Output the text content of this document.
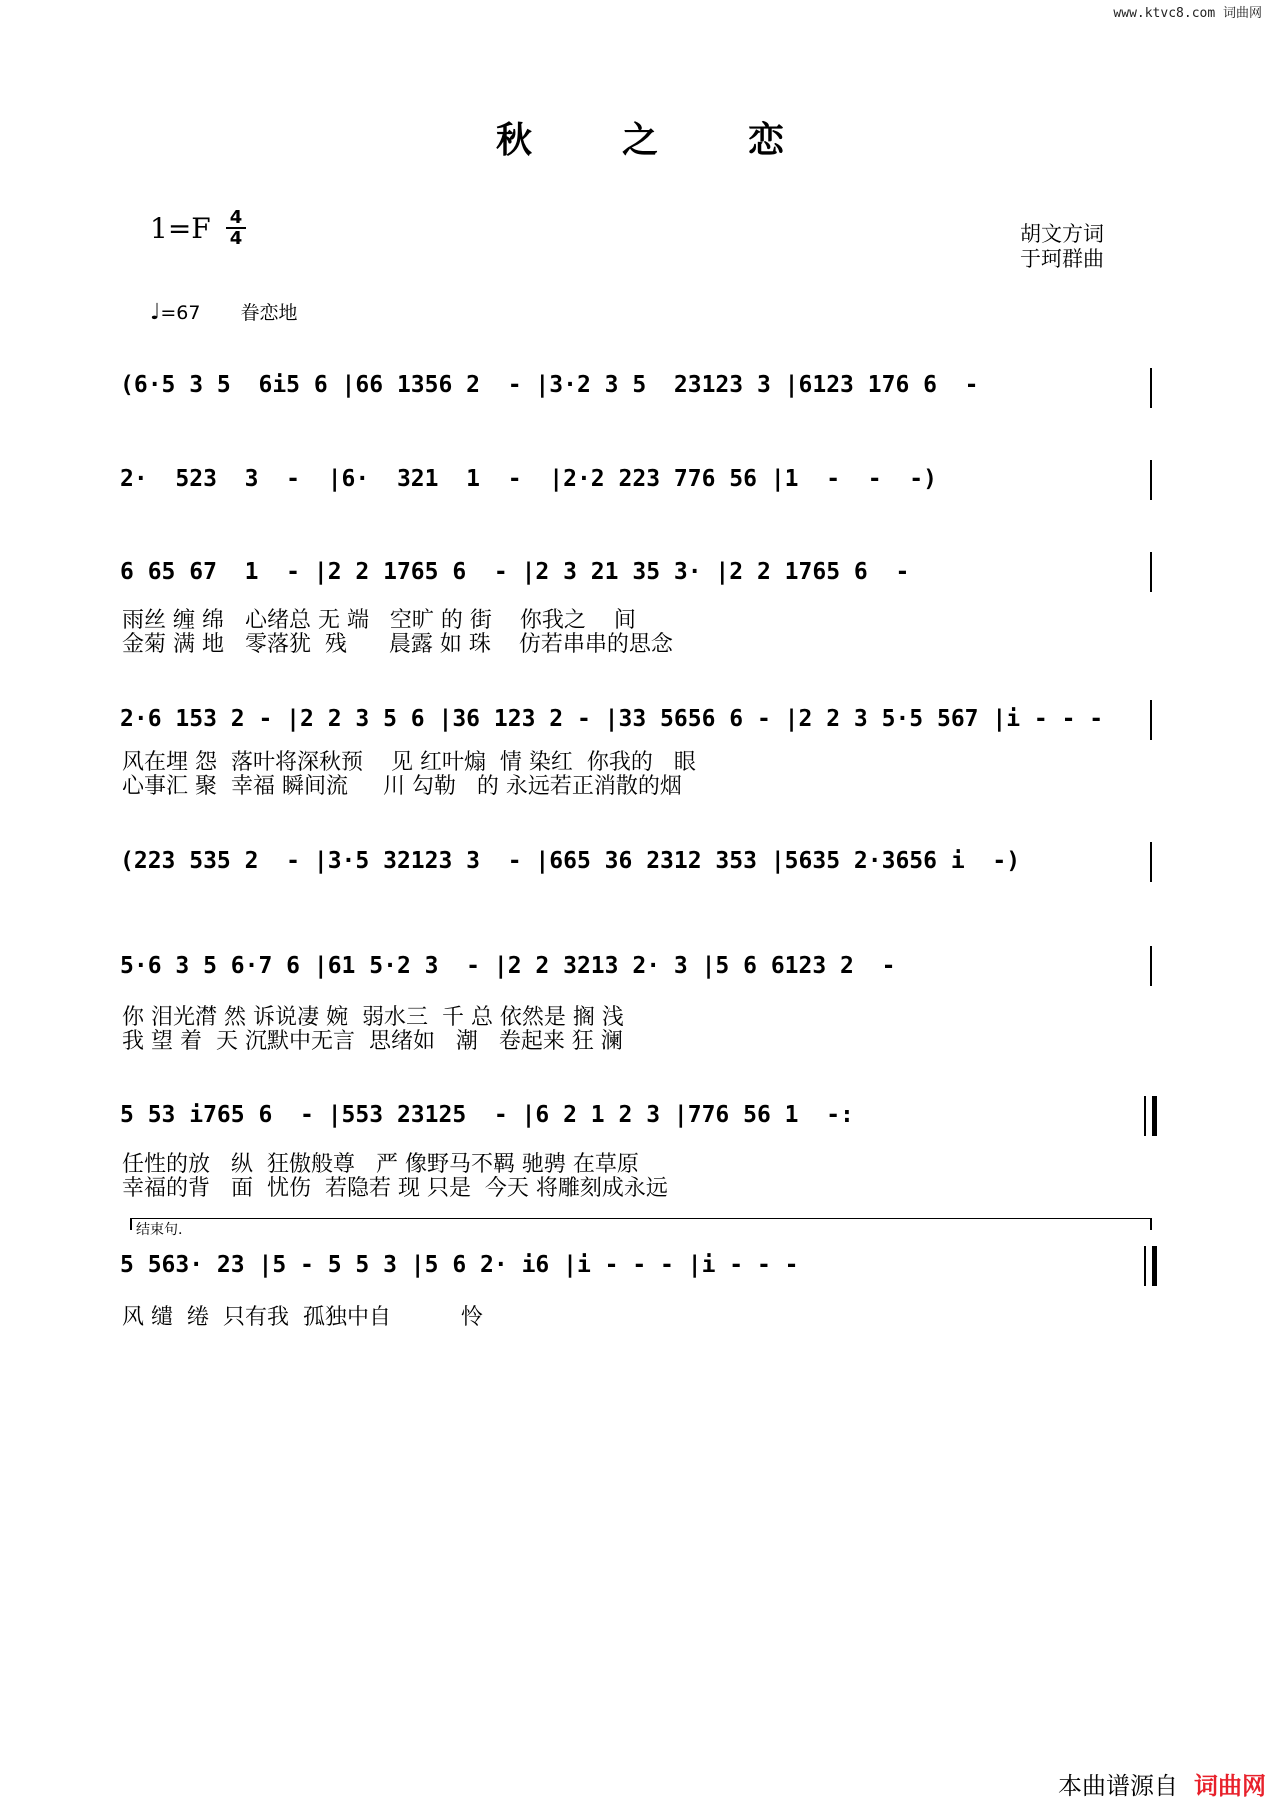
www.ktvc8.com 词曲网
秋之恋
$1=F \frac{4}{4}$	胡文方词
于珂群曲
♩=67 眷恋地
(6·5 3 5  6i5 6 |66 1356 2  - |3·2 3 5  23123 3 |6123 176 6  -
2·  523  3  -  |6·  321  1  -  |2·2 223 776 56 |1  -  -  -)
6 65 67  1  - |2 2 1765 6  - |2 3 21 35 3· |2 2 1765 6  -
雨丝 缠 绵   心绪总 无 端   空旷 的 街    你我之    间
金菊 满 地   零落犹  残      晨露 如 珠    仿若串串的思念
2·6 153 2 - |2 2 3 5 6 |36 123 2 - |33 5656 6 - |2 2 3 5·5 567 |i - - -
风在埋 怨  落叶将深秋预    见 红叶煽  情 染红  你我的   眼
心事汇 聚  幸福 瞬间流     川 勾勒   的 永远若正消散的烟
(223 535 2  - |3·5 32123 3  - |665 36 2312 353 |5635 2·3656 i  -)
5·6 3 5 6·7 6 |61 5·2 3  - |2 2 3213 2· 3 |5 6 6123 2  -
你 泪光潸 然 诉说凄 婉  弱水三  千 总 依然是 搁 浅
我 望 着  天 沉默中无言  思绪如   潮   卷起来 狂 澜
5 53 i765 6  - |553 23125  - |6 2 1 2 3 |776 56 1  -:
任性的放   纵  狂傲般尊   严 像野马不羁 驰骋 在草原
幸福的背   面  忧伤  若隐若 现 只是  今天 将雕刻成永远
结束句.
5 563· 23 |5 - 5 5 3 |5 6 2· i6 |i - - - |i - - -
风 缱  绻  只有我  孤独中自          怜
本曲谱源自 词曲网
